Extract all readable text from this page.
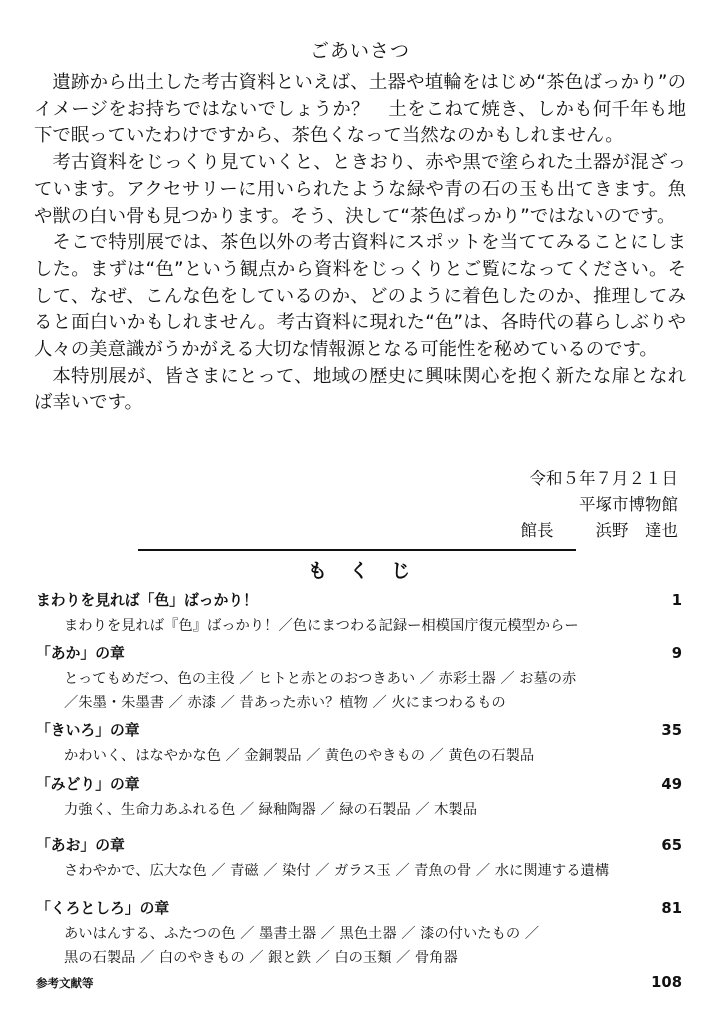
ごあいさつ

遺跡から出土した考古資料といえば、土器や埴輪をはじめ“茶色ばっかり”のイメージをお持ちではないでしょうか？　土をこねて焼き、しかも何千年も地下で眠っていたわけですから、茶色くなって当然なのかもしれません。

考古資料をじっくり見ていくと、ときおり、赤や黒で塗られた土器が混ざっています。アクセサリーに用いられたような緑や青の石の玉も出てきます。魚や獣の白い骨も見つかります。そう、決して“茶色ばっかり”ではないのです。

そこで特別展では、茶色以外の考古資料にスポットを当ててみることにしました。まずは“色”という観点から資料をじっくりとご覧になってください。そして、なぜ、こんな色をしているのか、どのように着色したのか、推理してみると面白いかもしれません。考古資料に現れた“色”は、各時代の暮らしぶりや人々の美意識がうかがえる大切な情報源となる可能性を秘めているのです。

本特別展が、皆さまにとって、地域の歴史に興味関心を抱く新たな扉となれば幸いです。

令和５年７月２１日
平塚市博物館
館長	浜野　達也
も く じ
まわりを見れば「色」ばっかり！	1
まわりを見れば『色』ばっかり！／色にまつわる記録ー相模国庁復元模型からー
「あか」の章	9
とってもめだつ、色の主役 ／ ヒトと赤とのおつきあい ／ 赤彩土器 ／ お墓の赤
／朱墨・朱墨書 ／ 赤漆 ／ 昔あった赤い？植物 ／ 火にまつわるもの
「きいろ」の章	35
かわいく、はなやかな色 ／ 金銅製品 ／ 黄色のやきもの ／ 黄色の石製品
「みどり」の章	49
力強く、生命力あふれる色 ／ 緑釉陶器 ／ 緑の石製品 ／ 木製品
「あお」の章	65
さわやかで、広大な色 ／ 青磁 ／ 染付 ／ ガラス玉 ／ 青魚の骨 ／ 水に関連する遺構
「くろとしろ」の章	81
あいはんする、ふたつの色 ／ 墨書土器 ／ 黒色土器 ／ 漆の付いたもの ／
黒の石製品 ／ 白のやきもの ／ 銀と鉄 ／ 白の玉類 ／ 骨角器
参考文献等	108
